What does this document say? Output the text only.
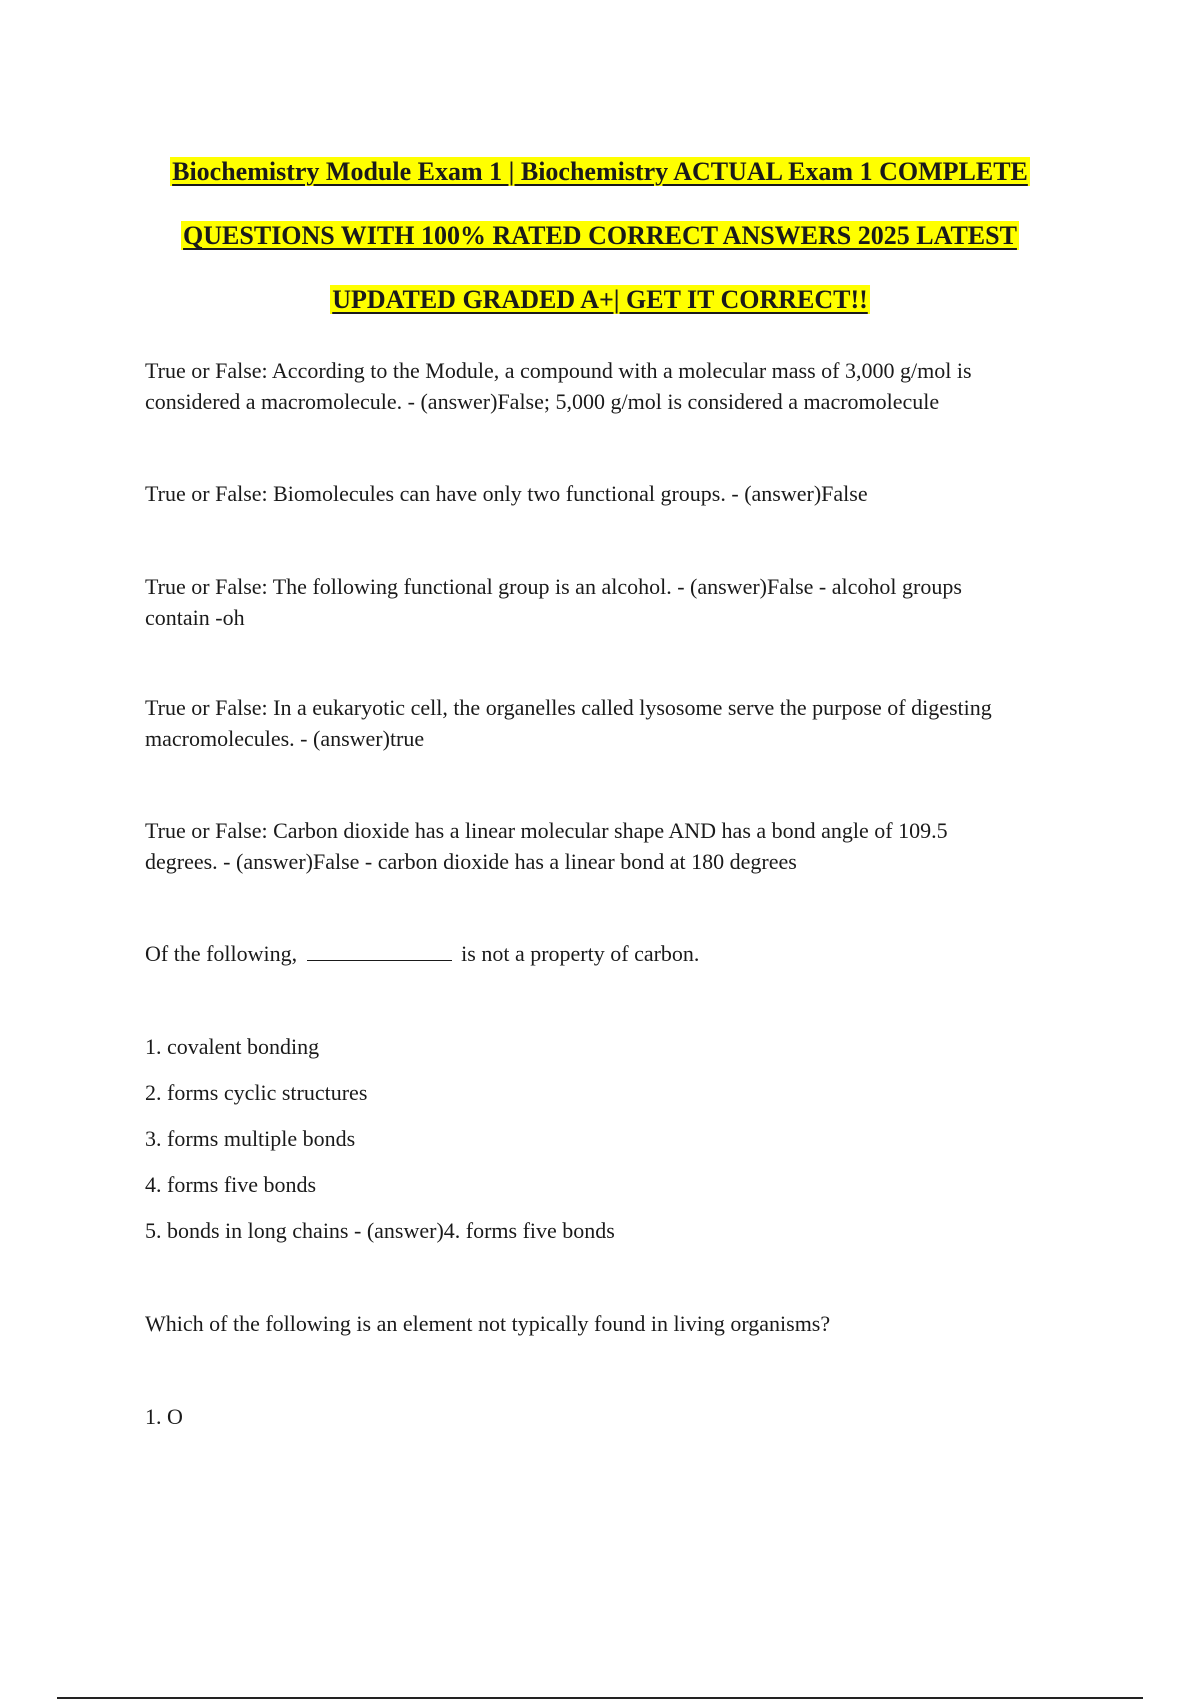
Biochemistry Module Exam 1 | Biochemistry ACTUAL Exam 1 COMPLETE
QUESTIONS WITH 100% RATED CORRECT ANSWERS 2025 LATEST
UPDATED GRADED A+| GET IT CORRECT!!

True or False: According to the Module, a compound with a molecular mass of 3,000 g/mol is
considered a macromolecule. - (answer)False; 5,000 g/mol is considered a macromolecule

True or False: Biomolecules can have only two functional groups. - (answer)False

True or False: The following functional group is an alcohol. - (answer)False - alcohol groups
contain -oh

True or False: In a eukaryotic cell, the organelles called lysosome serve the purpose of digesting
macromolecules. - (answer)true

True or False: Carbon dioxide has a linear molecular shape AND has a bond angle of 109.5
degrees. - (answer)False - carbon dioxide has a linear bond at 180 degrees

Of the following,	is not a property of carbon.

1. covalent bonding

2. forms cyclic structures

3. forms multiple bonds

4. forms five bonds

5. bonds in long chains - (answer)4. forms five bonds

Which of the following is an element not typically found in living organisms?

1. O
